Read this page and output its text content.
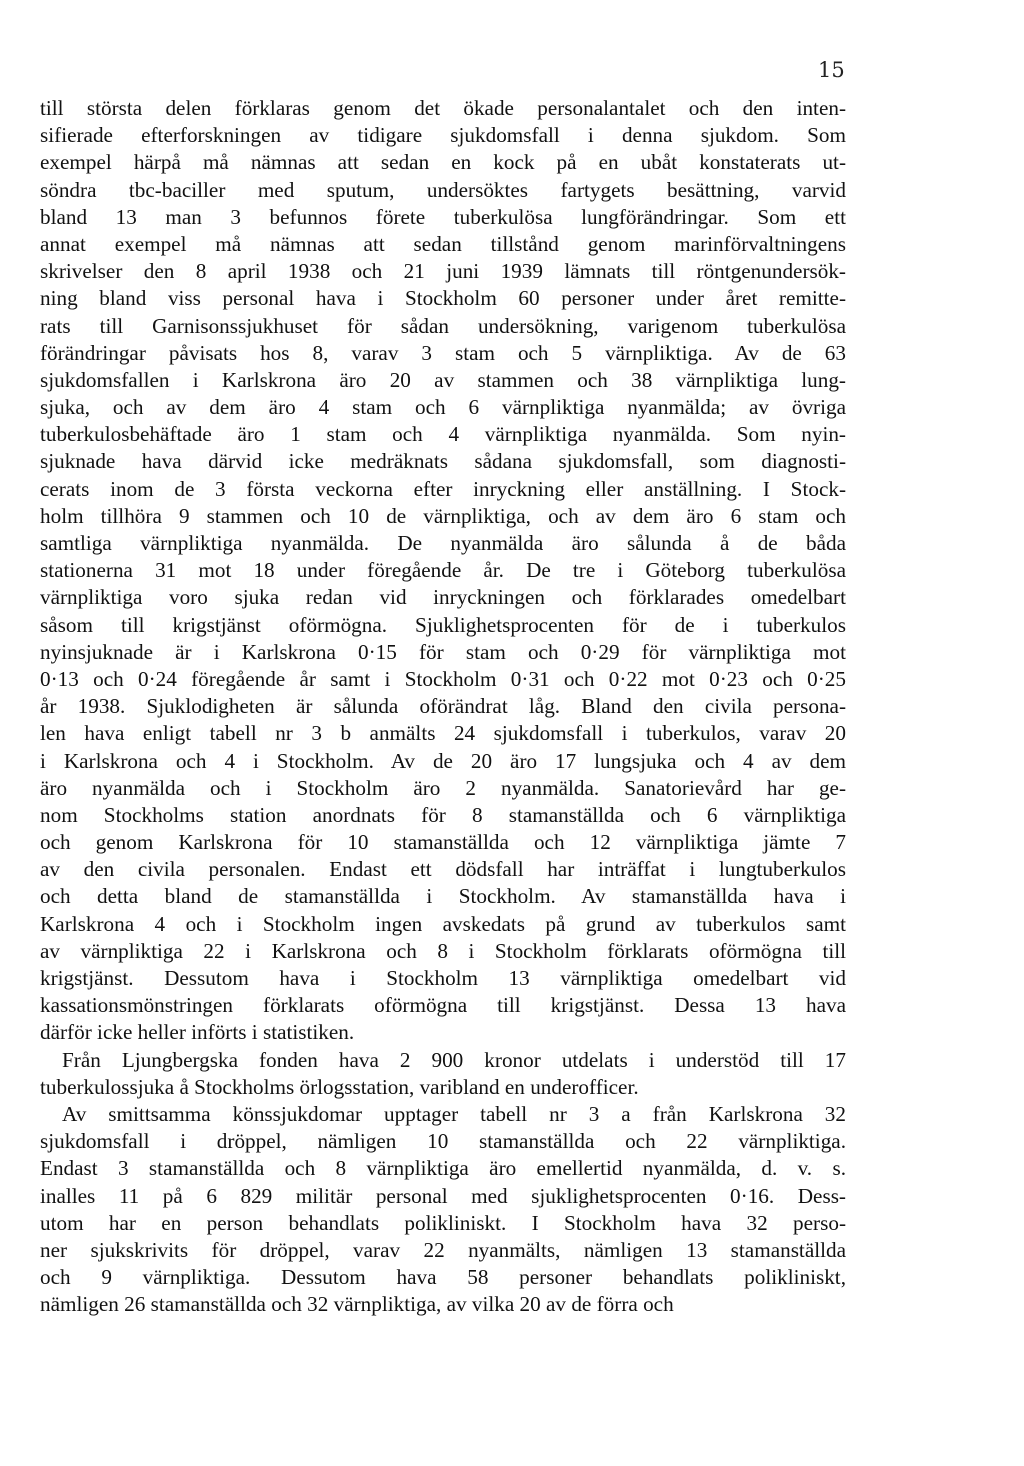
15
till största delen förklaras genom det ökade personalantalet och den inten-
sifierade efterforskningen av tidigare sjukdomsfall i denna sjukdom. Som
exempel härpå må nämnas att sedan en kock på en ubåt konstaterats ut-
söndra tbc-baciller med sputum, undersöktes fartygets besättning, varvid
bland 13 man 3 befunnos förete tuberkulösa lungförändringar. Som ett
annat exempel må nämnas att sedan tillstånd genom marinförvaltningens
skrivelser den 8 april 1938 och 21 juni 1939 lämnats till röntgenundersök-
ning bland viss personal hava i Stockholm 60 personer under året remitte-
rats till Garnisonssjukhuset för sådan undersökning, varigenom tuberkulösa
förändringar påvisats hos 8, varav 3 stam och 5 värnpliktiga. Av de 63
sjukdomsfallen i Karlskrona äro 20 av stammen och 38 värnpliktiga lung-
sjuka, och av dem äro 4 stam och 6 värnpliktiga nyanmälda; av övriga
tuberkulosbehäftade äro 1 stam och 4 värnpliktiga nyanmälda. Som nyin-
sjuknade hava därvid icke medräknats sådana sjukdomsfall, som diagnosti-
cerats inom de 3 första veckorna efter inryckning eller anställning. I Stock-
holm tillhöra 9 stammen och 10 de värnpliktiga, och av dem äro 6 stam och
samtliga värnpliktiga nyanmälda. De nyanmälda äro sålunda å de båda
stationerna 31 mot 18 under föregående år. De tre i Göteborg tuberkulösa
värnpliktiga voro sjuka redan vid inryckningen och förklarades omedelbart
såsom till krigstjänst oförmögna. Sjuklighetsprocenten för de i tuberkulos
nyinsjuknade är i Karlskrona 0·15 för stam och 0·29 för värnpliktiga mot
0·13 och 0·24 föregående år samt i Stockholm 0·31 och 0·22 mot 0·23 och 0·25
år 1938. Sjuklodigheten är sålunda oförändrat låg. Bland den civila persona-
len hava enligt tabell nr 3 b anmälts 24 sjukdomsfall i tuberkulos, varav 20
i Karlskrona och 4 i Stockholm. Av de 20 äro 17 lungsjuka och 4 av dem
äro nyanmälda och i Stockholm äro 2 nyanmälda. Sanatorievård har ge-
nom Stockholms station anordnats för 8 stamanställda och 6 värnpliktiga
och genom Karlskrona för 10 stamanställda och 12 värnpliktiga jämte 7
av den civila personalen. Endast ett dödsfall har inträffat i lungtuberkulos
och detta bland de stamanställda i Stockholm. Av stamanställda hava i
Karlskrona 4 och i Stockholm ingen avskedats på grund av tuberkulos samt
av värnpliktiga 22 i Karlskrona och 8 i Stockholm förklarats oförmögna till
krigstjänst. Dessutom hava i Stockholm 13 värnpliktiga omedelbart vid
kassationsmönstringen förklarats oförmögna till krigstjänst. Dessa 13 hava
därför icke heller införts i statistiken.
Från Ljungbergska fonden hava 2 900 kronor utdelats i understöd till 17
tuberkulossjuka å Stockholms örlogsstation, varibland en underofficer.
Av smittsamma könssjukdomar upptager tabell nr 3 a från Karlskrona 32
sjukdomsfall i dröppel, nämligen 10 stamanställda och 22 värnpliktiga.
Endast 3 stamanställda och 8 värnpliktiga äro emellertid nyanmälda, d. v. s.
inalles 11 på 6 829 militär personal med sjuklighetsprocenten 0·16. Dess-
utom har en person behandlats polikliniskt. I Stockholm hava 32 perso-
ner sjukskrivits för dröppel, varav 22 nyanmälts, nämligen 13 stamanställda
och 9 värnpliktiga. Dessutom hava 58 personer behandlats polikliniskt,
nämligen 26 stamanställda och 32 värnpliktiga, av vilka 20 av de förra och
